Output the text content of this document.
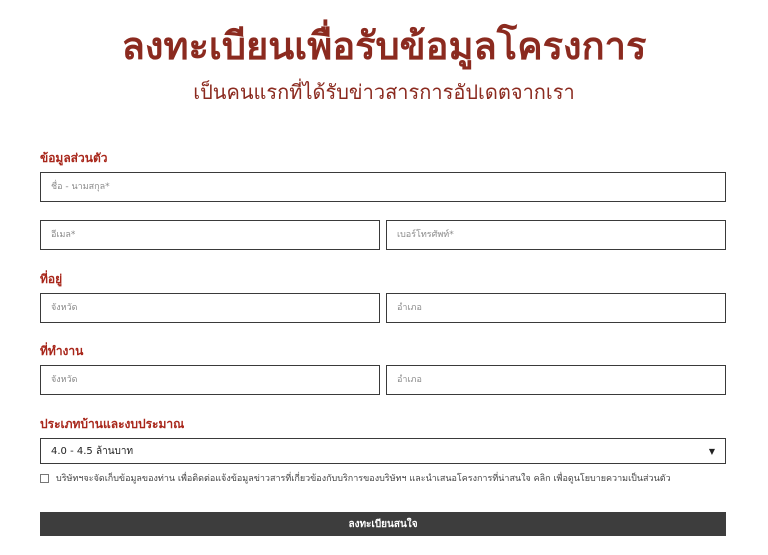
ลงทะเบียนเพื่อรับข้อมูลโครงการ
เป็นคนแรกที่ได้รับข่าวสารการอัปเดตจากเรา
ข้อมูลส่วนตัว
ชื่อ - นามสกุล*
อีเมล*
เบอร์โทรศัพท์*
ที่อยู่
จังหวัด
อำเภอ
ที่ทำงาน
จังหวัด
อำเภอ
ประเภทบ้านและงบประมาณ
4.0 - 4.5 ล้านบาท	▼
บริษัทฯจะจัดเก็บข้อมูลของท่าน เพื่อติดต่อแจ้งข้อมูลข่าวสารที่เกี่ยวข้องกับบริการของบริษัทฯ และนำเสนอโครงการที่น่าสนใจ คลิก เพื่อดูนโยบายความเป็นส่วนตัว
ลงทะเบียนสนใจ
